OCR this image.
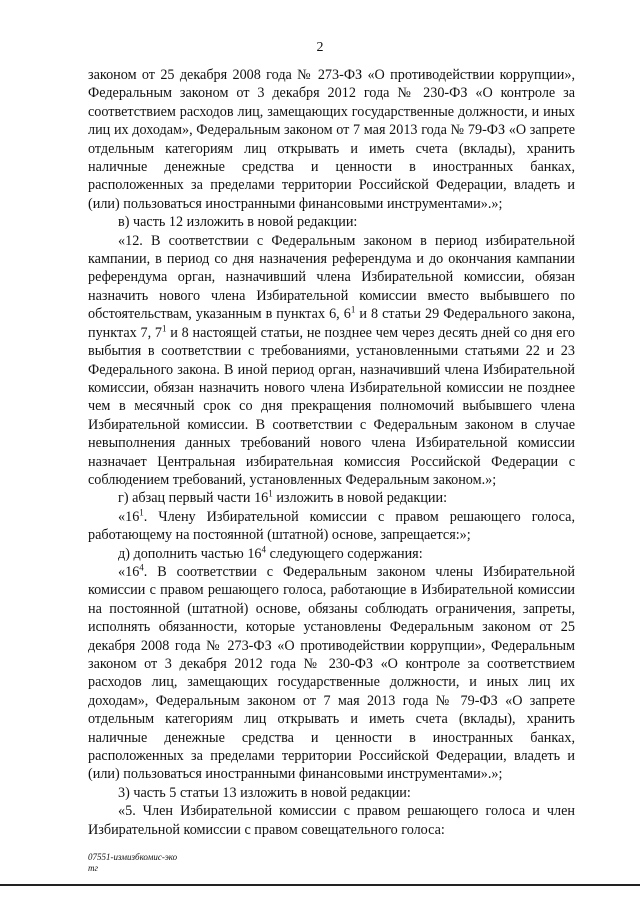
2

законом от 25 декабря 2008 года № 273-ФЗ «О противодействии коррупции», Федеральным законом от 3 декабря 2012 года № 230-ФЗ «О контроле за соответствием расходов лиц, замещающих государственные должности, и иных лиц их доходам», Федеральным законом от 7 мая 2013 года № 79-ФЗ «О запрете отдельным категориям лиц открывать и иметь счета (вклады), хранить наличные денежные средства и ценности в иностранных банках, расположенных за пределами территории Российской Федерации, владеть и (или) пользоваться иностранными финансовыми инструментами».»;

в) часть 12 изложить в новой редакции:

«12. В соответствии с Федеральным законом в период избирательной кампании, в период со дня назначения референдума и до окончания кампании референдума орган, назначивший члена Избирательной комиссии, обязан назначить нового члена Избирательной комиссии вместо выбывшего по обстоятельствам, указанным в пунктах 6, $6^1$ и 8 статьи 29 Федерального закона, пунктах 7, $7^1$ и 8 настоящей статьи, не позднее чем через десять дней со дня его выбытия в соответствии с требованиями, установленными статьями 22 и 23 Федерального закона. В иной период орган, назначивший члена Избирательной комиссии, обязан назначить нового члена Избирательной комиссии не позднее чем в месячный срок со дня прекращения полномочий выбывшего члена Избирательной комиссии. В соответствии с Федеральным законом в случае невыполнения данных требований нового члена Избирательной комиссии назначает Центральная избирательная комиссия Российской Федерации с соблюдением требований, установленных Федеральным законом.»;

г) абзац первый части $16^1$ изложить в новой редакции:

«$16^1$. Члену Избирательной комиссии с правом решающего голоса, работающему на постоянной (штатной) основе, запрещается:»;

д) дополнить частью $16^4$ следующего содержания:

«$16^4$. В соответствии с Федеральным законом члены Избирательной комиссии с правом решающего голоса, работающие в Избирательной комиссии на постоянной (штатной) основе, обязаны соблюдать ограничения, запреты, исполнять обязанности, которые установлены Федеральным законом от 25 декабря 2008 года № 273-ФЗ «О противодействии коррупции», Федеральным законом от 3 декабря 2012 года № 230-ФЗ «О контроле за соответствием расходов лиц, замещающих государственные должности, и иных лиц их доходам», Федеральным законом от 7 мая 2013 года № 79-ФЗ «О запрете отдельным категориям лиц открывать и иметь счета (вклады), хранить наличные денежные средства и ценности в иностранных банках, расположенных за пределами территории Российской Федерации, владеть и (или) пользоваться иностранными финансовыми инструментами».»;

3) часть 5 статьи 13 изложить в новой редакции:

«5. Член Избирательной комиссии с правом решающего голоса и член Избирательной комиссии с правом совещательного голоса:

07551-измизбкомис-эко
тг
